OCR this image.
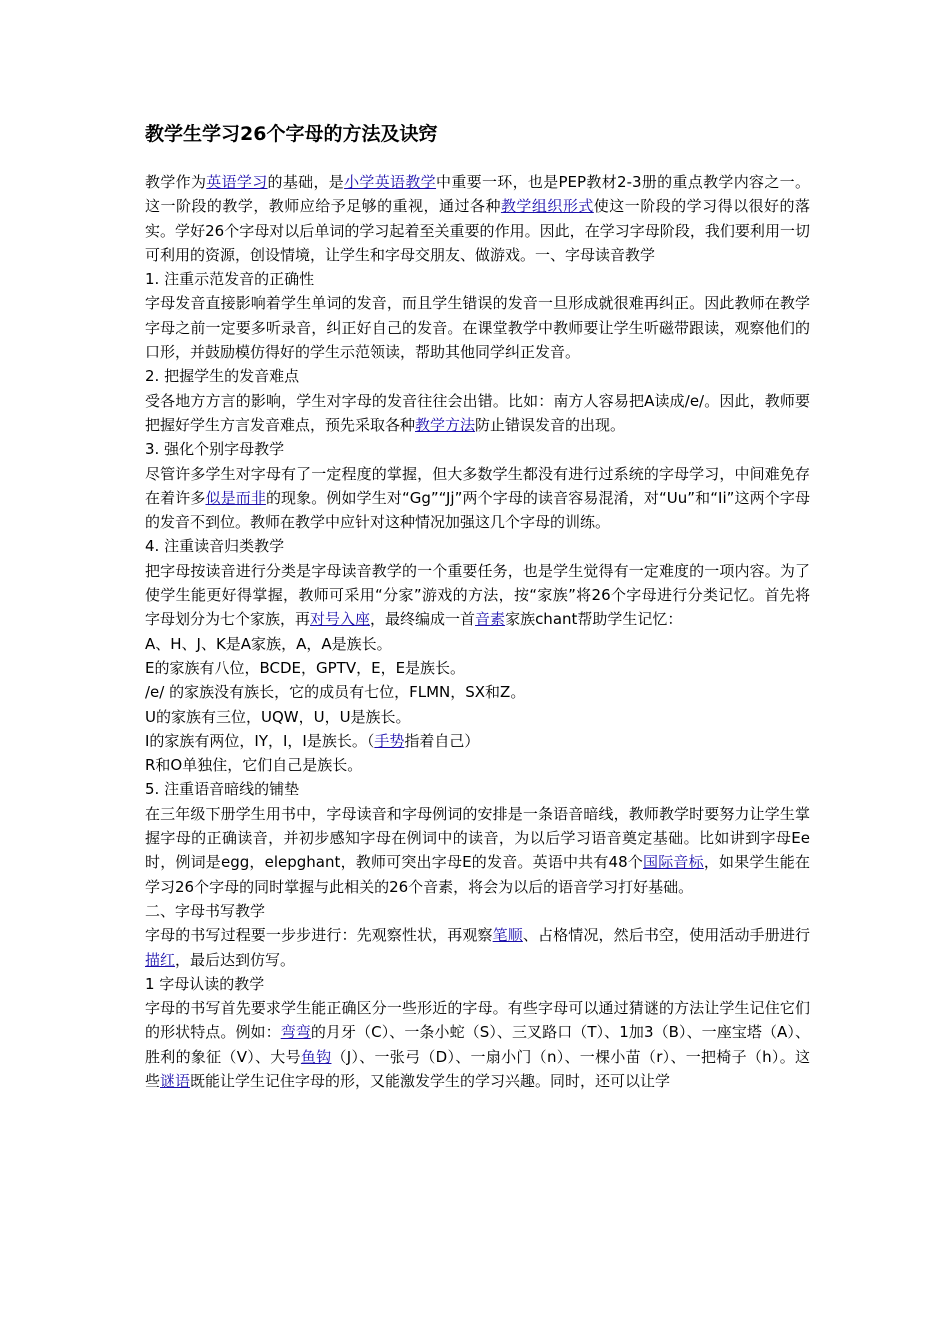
教学生学习26个字母的方法及诀窍

教学作为英语学习的基础，是小学英语教学中重要一环，也是PEP教材2-3册的重点教学内容之一。这一阶段的教学，教师应给予足够的重视，通过各种教学组织形式使这一阶段的学习得以很好的落实。学好26个字母对以后单词的学习起着至关重要的作用。因此，在学习字母阶段，我们要利用一切可利用的资源，创设情境，让学生和字母交朋友、做游戏。一、字母读音教学

1. 注重示范发音的正确性

字母发音直接影响着学生单词的发音，而且学生错误的发音一旦形成就很难再纠正。因此教师在教学字母之前一定要多听录音，纠正好自己的发音。在课堂教学中教师要让学生听磁带跟读，观察他们的口形，并鼓励模仿得好的学生示范领读，帮助其他同学纠正发音。

2. 把握学生的发音难点

受各地方方言的影响，学生对字母的发音往往会出错。比如：南方人容易把A读成/e/。因此，教师要把握好学生方言发音难点，预先采取各种教学方法防止错误发音的出现。

3. 强化个别字母教学

尽管许多学生对字母有了一定程度的掌握，但大多数学生都没有进行过系统的字母学习，中间难免存在着许多似是而非的现象。例如学生对“Gg”“Jj”两个字母的读音容易混淆，对“Uu”和“Ii”这两个字母的发音不到位。教师在教学中应针对这种情况加强这几个字母的训练。

4. 注重读音归类教学

把字母按读音进行分类是字母读音教学的一个重要任务，也是学生觉得有一定难度的一项内容。为了使学生能更好得掌握，教师可采用“分家”游戏的方法，按“家族”将26个字母进行分类记忆。首先将字母划分为七个家族，再对号入座，最终编成一首音素家族chant帮助学生记忆：

A、H、J、K是A家族，A，A是族长。

E的家族有八位，BCDE，GPTV，E，E是族长。

/e/ 的家族没有族长，它的成员有七位，FLMN，SX和Z。

U的家族有三位，UQW，U，U是族长。

I的家族有两位，IY，I，I是族长。（手势指着自己）

R和O单独住，它们自己是族长。

5. 注重语音暗线的铺垫

在三年级下册学生用书中，字母读音和字母例词的安排是一条语音暗线，教师教学时要努力让学生掌握字母的正确读音，并初步感知字母在例词中的读音，为以后学习语音奠定基础。比如讲到字母Ee时，例词是egg，elepghant，教师可突出字母E的发音。英语中共有48个国际音标，如果学生能在学习26个字母的同时掌握与此相关的26个音素，将会为以后的语音学习打好基础。

二、字母书写教学

字母的书写过程要一步步进行：先观察性状，再观察笔顺、占格情况，然后书空，使用活动手册进行描红，最后达到仿写。

1 字母认读的教学

字母的书写首先要求学生能正确区分一些形近的字母。有些字母可以通过猜谜的方法让学生记住它们的形状特点。例如：弯弯的月牙（C）、一条小蛇（S）、三叉路口（T）、1加3（B）、一座宝塔（A）、胜利的象征（V）、大号鱼钩（J）、一张弓（D）、一扇小门（n）、一棵小苗（r）、一把椅子（h）。这些谜语既能让学生记住字母的形，又能激发学生的学习兴趣。同时，还可以让学
